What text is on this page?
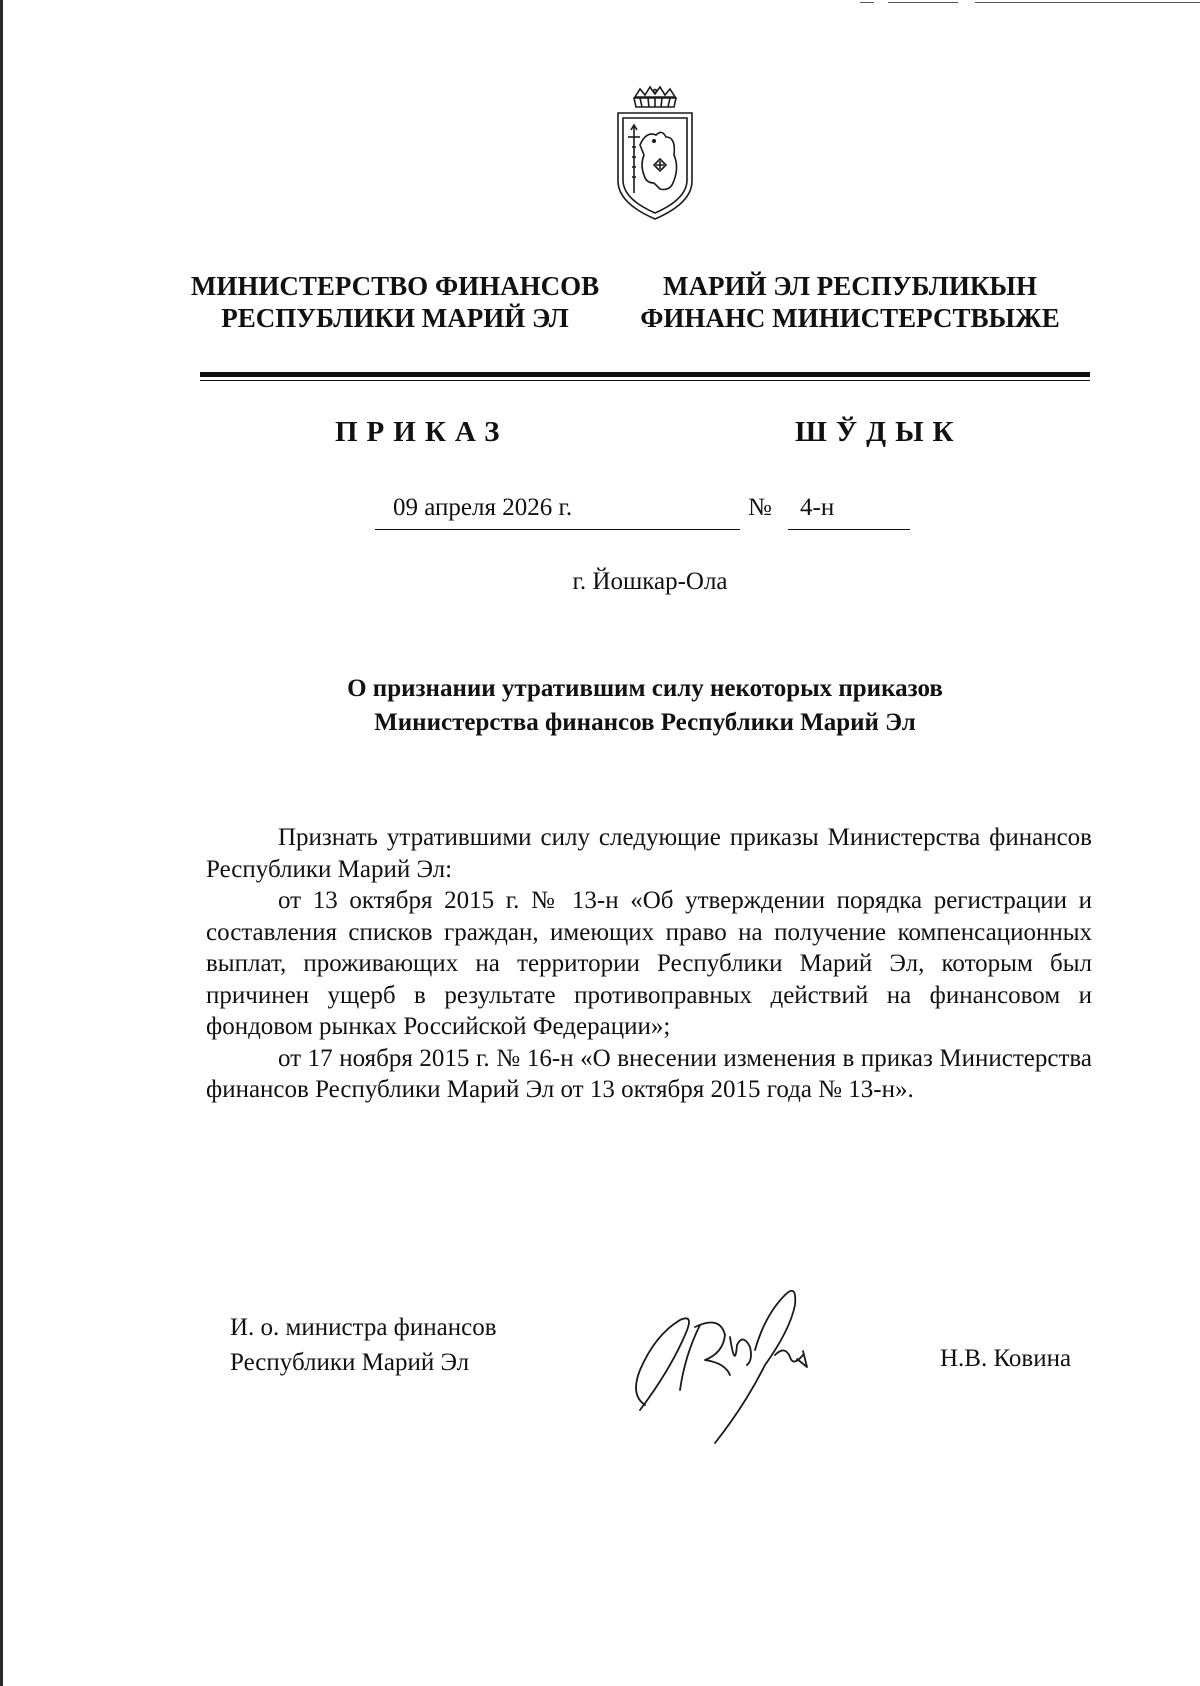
МИНИСТЕРСТВО ФИНАНСОВ
РЕСПУБЛИКИ МАРИЙ ЭЛ
МАРИЙ ЭЛ РЕСПУБЛИКЫН
ФИНАНС МИНИСТЕРСТВЫЖЕ
ПРИКАЗ	ШЎДЫК
09 апреля 2026 г.	№ 4-н
г. Йошкар-Ола
О признании утратившим силу некоторых приказов
Министерства финансов Республики Марий Эл

Признать утратившими силу следующие приказы Министерства финансов Республики Марий Эл:

от 13 октября 2015 г. № 13-н «Об утверждении порядка регистрации и составления списков граждан, имеющих право на получение компенсационных выплат, проживающих на территории Республики Марий Эл, которым был причинен ущерб в результате противоправных действий на финансовом и фондовом рынках Российской Федерации»;

от 17 ноября 2015 г. № 16-н «О внесении изменения в приказ Министерства финансов Республики Марий Эл от 13 октября 2015 года № 13-н».

И. о. министра финансов
Республики Марий Эл	Н.В. Ковина
